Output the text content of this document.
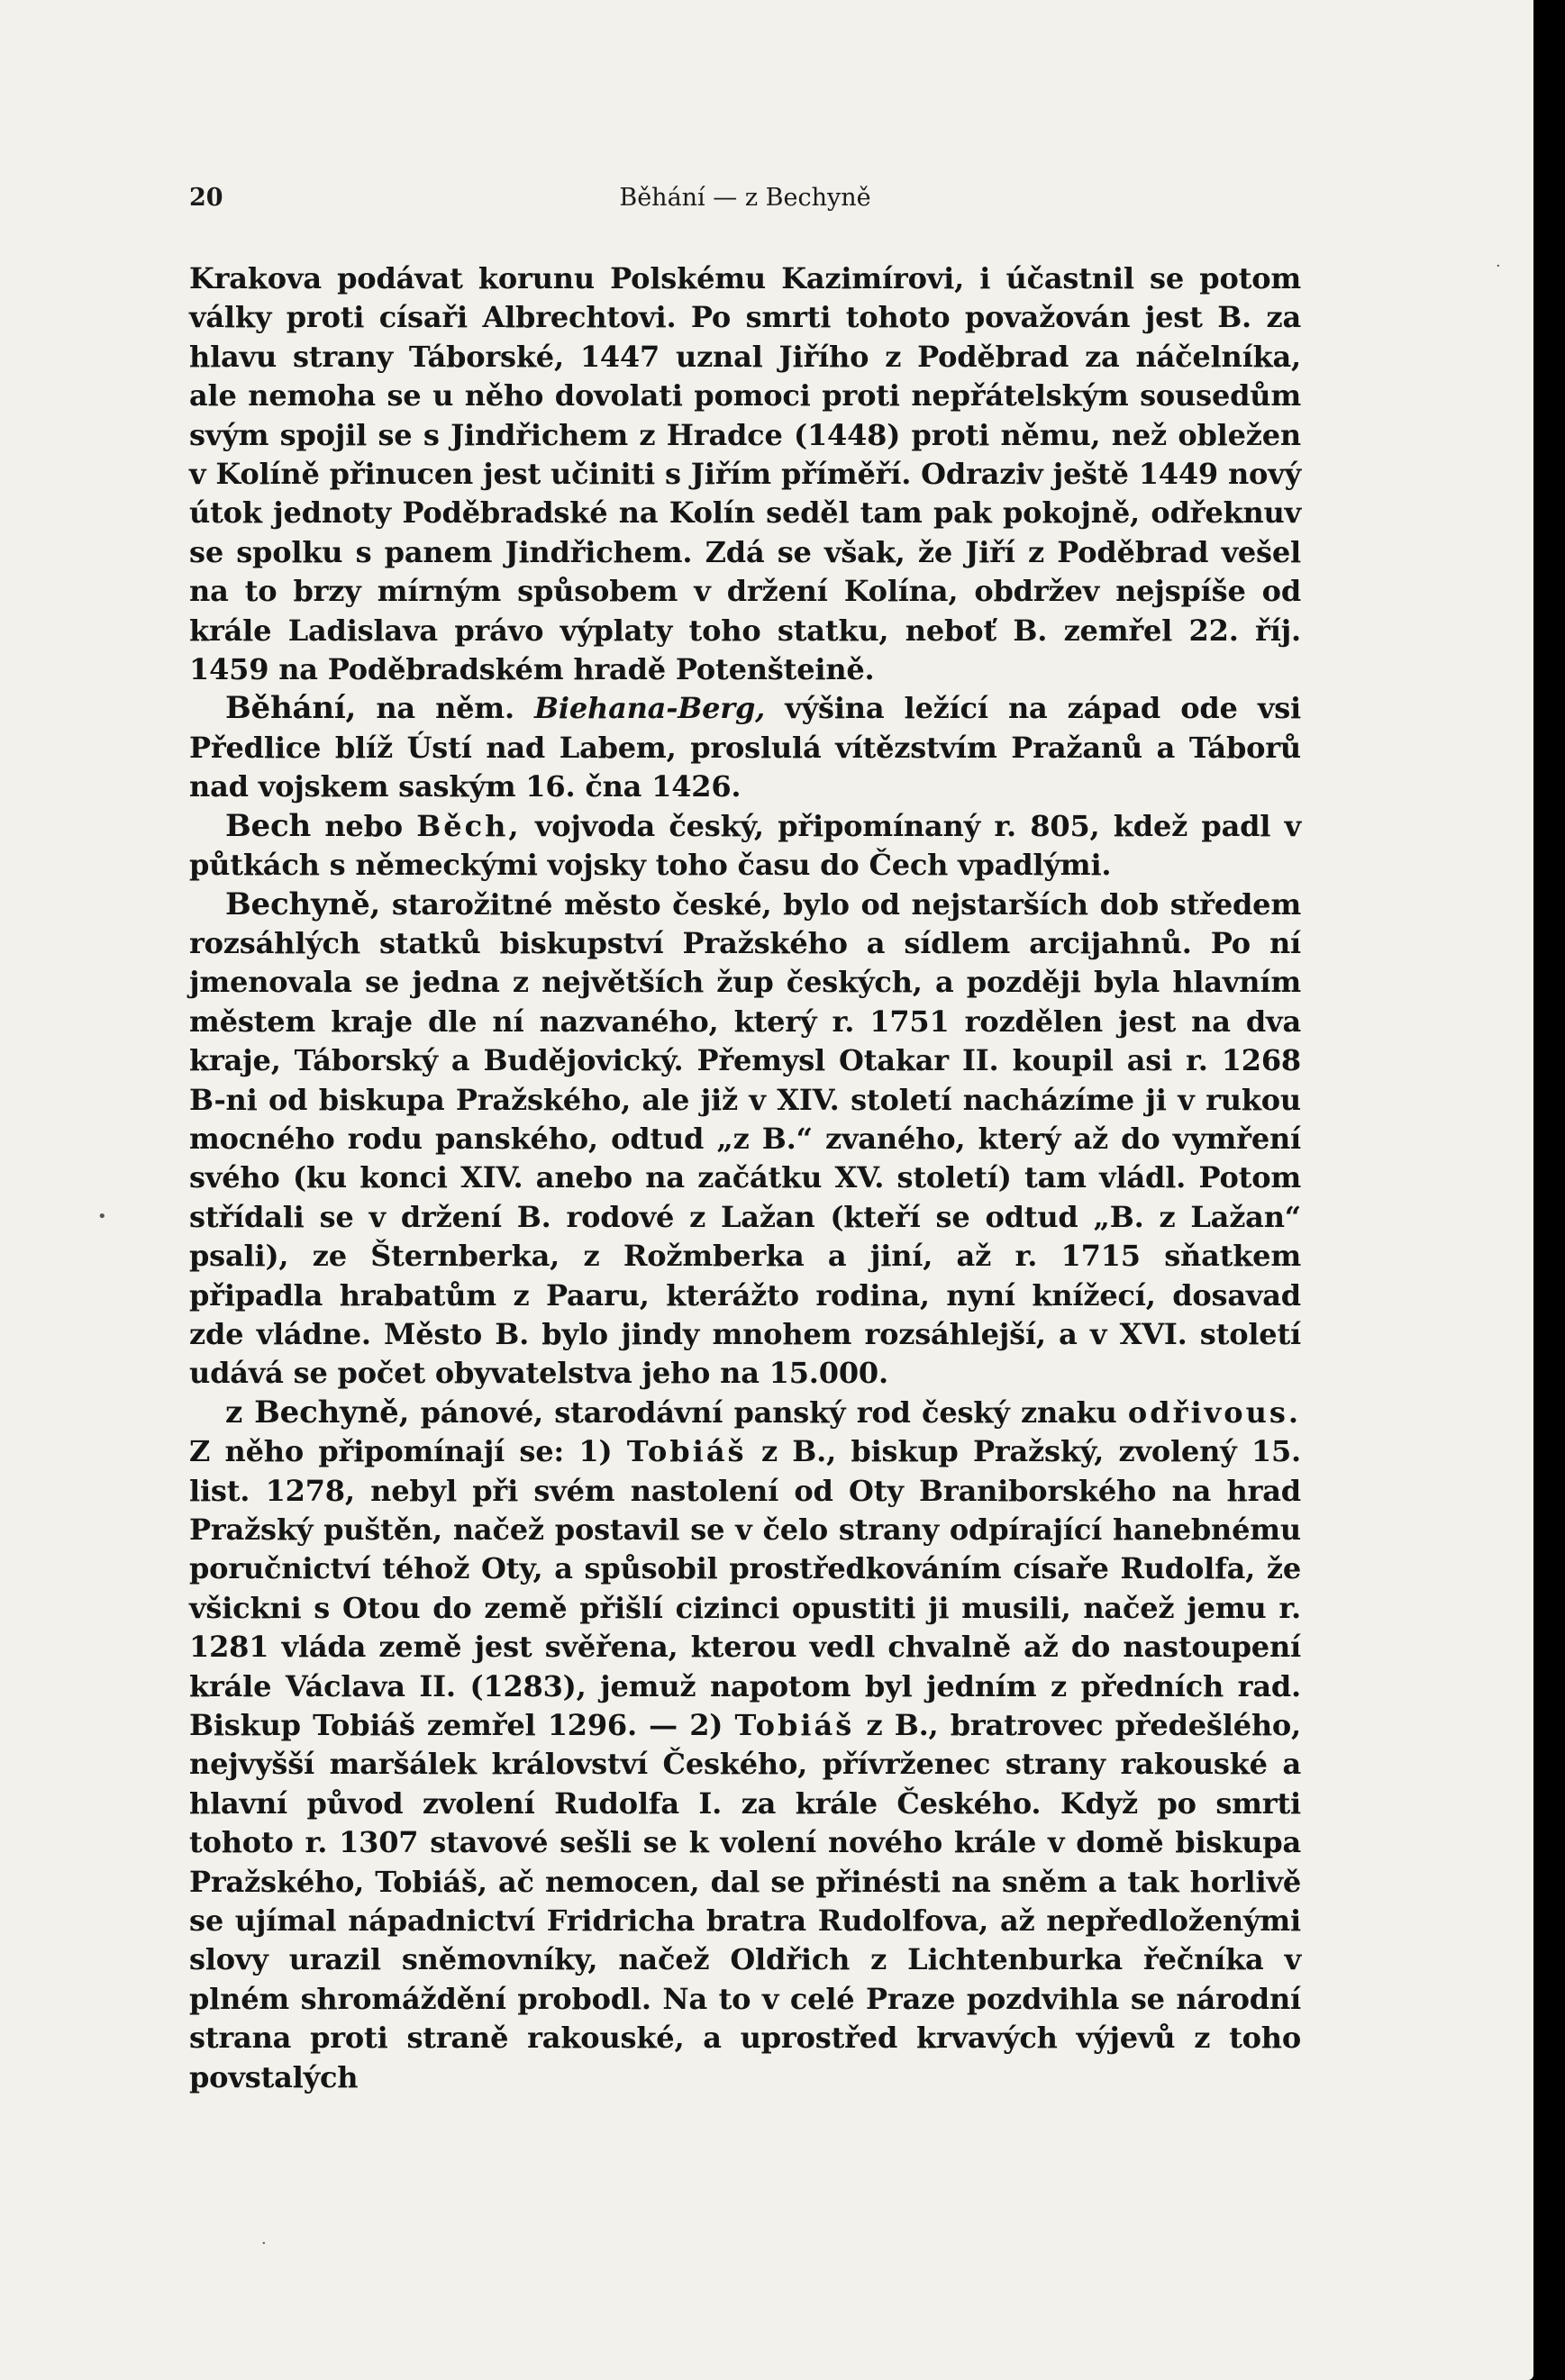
20	Běhání — z Bechyně

Krakova podávat korunu Polskému Kazimírovi, i účastnil se potom války proti císaři Albrechtovi. Po smrti tohoto považován jest B. za hlavu strany Táborské, 1447 uznal Jiřího z Poděbrad za náčelníka, ale nemoha se u něho dovolati pomoci proti nepřátelským sousedům svým spojil se s Jindřichem z Hradce (1448) proti němu, než obležen v Kolíně přinucen jest učiniti s Jiřím příměří. Odraziv ještě 1449 nový útok jednoty Poděbradské na Kolín seděl tam pak pokojně, odřeknuv se spolku s panem Jindřichem. Zdá se však, že Jiří z Poděbrad vešel na to brzy mírným spůsobem v držení Kolína, obdržev nejspíše od krále Ladislava právo výplaty toho statku, neboť B. zemřel 22. říj. 1459 na Poděbradském hradě Potenšteině.

Běhání, na něm. Biehana-Berg, výšina ležící na západ ode vsi Předlice blíž Ústí nad Labem, proslulá vítězstvím Pražanů a Táborů nad vojskem saským 16. čna 1426.

Bech nebo Běch, vojvoda český, připomínaný r. 805, kdež padl v půtkách s německými vojsky toho času do Čech vpadlými.

Bechyně, starožitné město české, bylo od nejstarších dob středem rozsáhlých statků biskupství Pražského a sídlem arcijahnů. Po ní jmenovala se jedna z největších žup českých, a později byla hlavním městem kraje dle ní nazvaného, který r. 1751 rozdělen jest na dva kraje, Táborský a Budějovický. Přemysl Otakar II. koupil asi r. 1268 B-ni od biskupa Pražského, ale již v XIV. století nacházíme ji v rukou mocného rodu panského, odtud „z B.“ zvaného, který až do vymření svého (ku konci XIV. anebo na začátku XV. století) tam vládl. Potom střídali se v držení B. rodové z Lažan (kteří se odtud „B. z Lažan“ psali), ze Šternberka, z Rožmberka a jiní, až r. 1715 sňatkem připadla hrabatům z Paaru, kterážto rodina, nyní knížecí, dosavad zde vládne. Město B. bylo jindy mnohem rozsáhlejší, a v XVI. století udává se počet obyvatelstva jeho na 15.000.

z Bechyně, pánové, starodávní panský rod český znaku odřivous. Z něho připomínají se: 1) Tobiáš z B., biskup Pražský, zvolený 15. list. 1278, nebyl při svém nastolení od Oty Braniborského na hrad Pražský puštěn, načež postavil se v čelo strany odpírající hanebnému poručnictví téhož Oty, a spůsobil prostředkováním císaře Rudolfa, že všickni s Otou do země přišlí cizinci opustiti ji musili, načež jemu r. 1281 vláda země jest svěřena, kterou vedl chvalně až do nastoupení krále Václava II. (1283), jemuž napotom byl jedním z předních rad. Biskup Tobiáš zemřel 1296. — 2) Tobiáš z B., bratrovec předešlého, nejvyšší maršálek království Českého, přívrženec strany rakouské a hlavní původ zvolení Rudolfa I. za krále Českého. Když po smrti tohoto r. 1307 stavové sešli se k volení nového krále v domě biskupa Pražského, Tobiáš, ač nemocen, dal se přinésti na sněm a tak horlivě se ujímal nápadnictví Fridricha bratra Rudolfova, až nepředloženými slovy urazil sněmovníky, načež Oldřich z Lichtenburka řečníka v plném shromáždění probodl. Na to v celé Praze pozdvihla se národní strana proti straně rakouské, a uprostřed krvavých výjevů z toho povstalých

•
·
·
